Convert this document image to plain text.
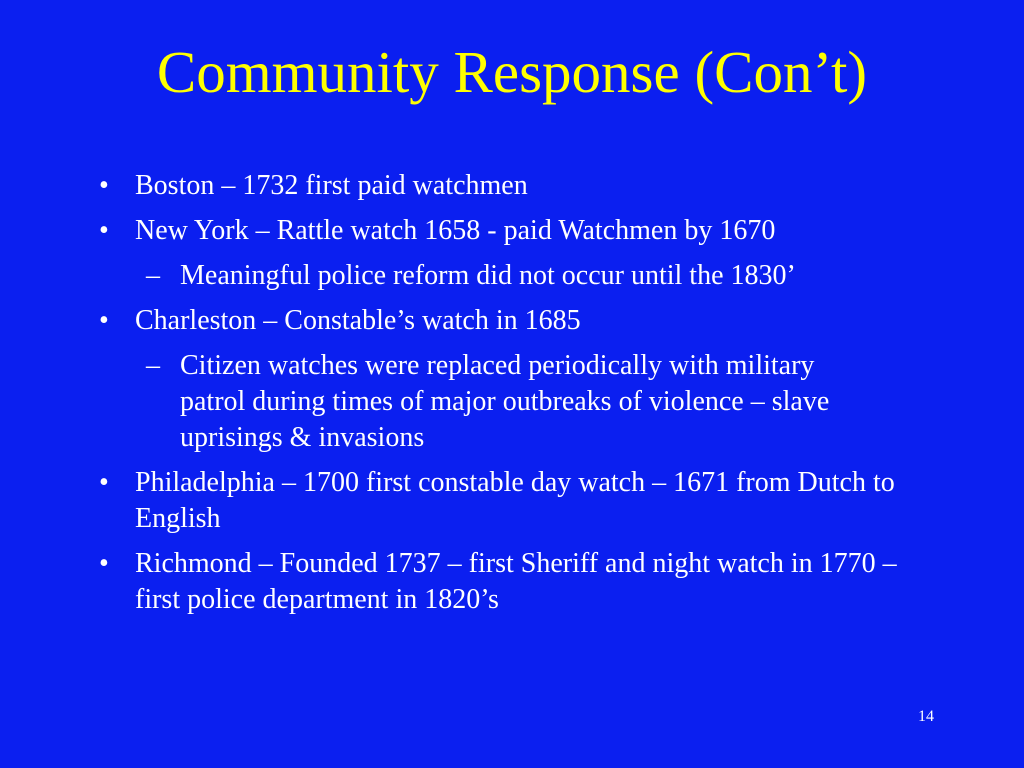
Community Response (Con’t)
• Boston – 1732 first paid watchmen
• New York – Rattle watch 1658 - paid Watchmen by 1670
– Meaningful police reform did not occur until the 1830’
• Charleston – Constable’s watch in 1685
– Citizen watches were replaced periodically with military patrol during times of major outbreaks of violence – slave uprisings & invasions
• Philadelphia – 1700 first constable day watch – 1671 from Dutch to English
• Richmond – Founded 1737 – first Sheriff and night watch in 1770 – first police department in 1820’s
14
